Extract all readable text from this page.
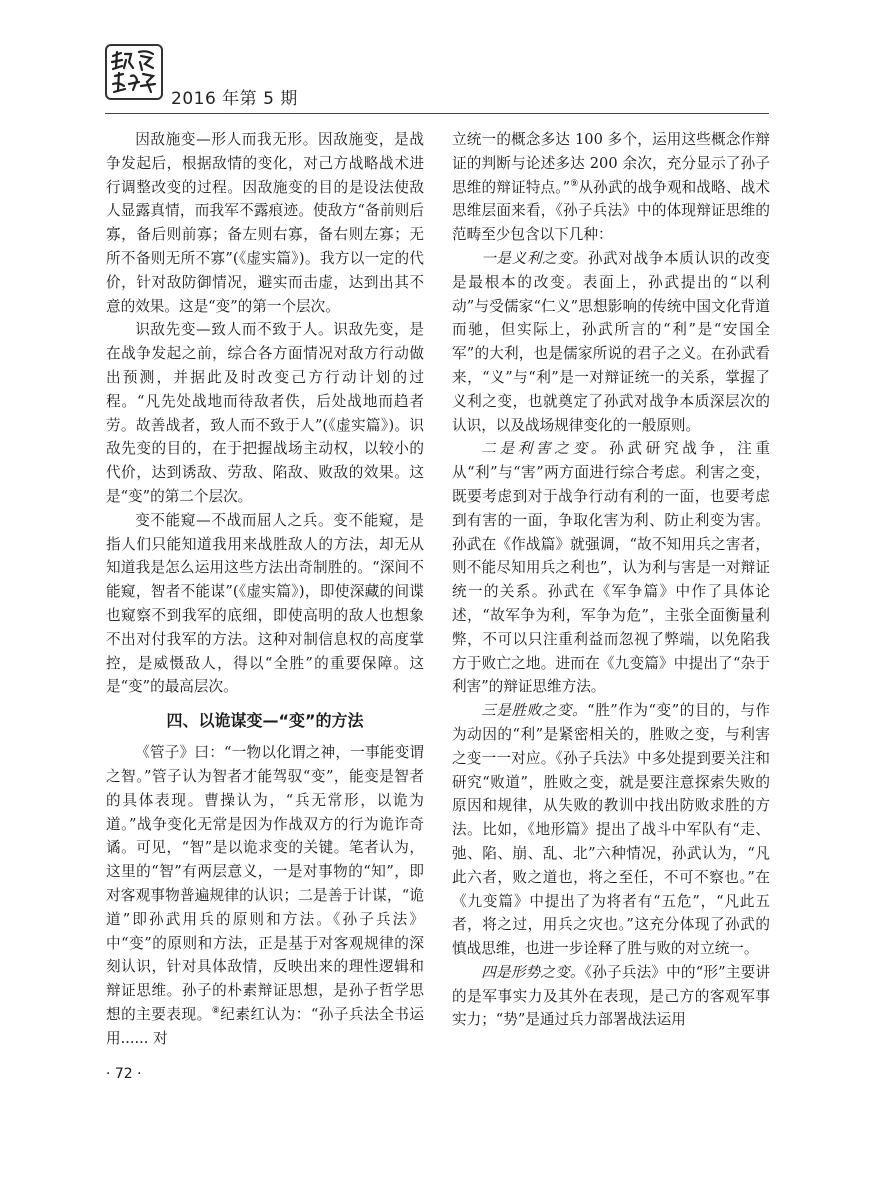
2016 年第 5 期

因敌施变—形人而我无形。因敌施变，是战争发起后，根据敌情的变化，对己方战略战术进行调整改变的过程。因敌施变的目的是设法使敌人显露真情，而我军不露痕迹。使敌方“备前则后寡，备后则前寡；备左则右寡，备右则左寡；无所不备则无所不寡”(《虚实篇》)。我方以一定的代价，针对敌防御情况，避实而击虚，达到出其不意的效果。这是“变”的第一个层次。

识敌先变—致人而不致于人。识敌先变，是在战争发起之前，综合各方面情况对敌方行动做出预测，并据此及时改变己方行动计划的过程。“凡先处战地而待敌者佚，后处战地而趋者劳。故善战者，致人而不致于人”(《虚实篇》)。识敌先变的目的，在于把握战场主动权，以较小的代价，达到诱敌、劳敌、陷敌、败敌的效果。这是“变”的第二个层次。

变不能窥—不战而屈人之兵。变不能窥，是指人们只能知道我用来战胜敌人的方法，却无从知道我是怎么运用这些方法出奇制胜的。“深间不能窥，智者不能谋”(《虚实篇》)，即使深藏的间谍也窥察不到我军的底细，即使高明的敌人也想象不出对付我军的方法。这种对制信息权的高度掌控，是威慑敌人，得以“全胜”的重要保障。这是“变”的最高层次。

四、以诡谋变—“变”的方法

《管子》曰：“一物以化谓之神，一事能变谓之智。”管子认为智者才能驾驭“变”，能变是智者的具体表现。曹操认为，“兵无常形，以诡为道。”战争变化无常是因为作战双方的行为诡诈奇谲。可见，“智”是以诡求变的关键。笔者认为，这里的“智”有两层意义，一是对事物的“知”，即对客观事物普遍规律的认识；二是善于计谋，“诡道”即孙武用兵的原则和方法。《孙子兵法》中“变”的原则和方法，正是基于对客观规律的深刻认识，针对具体敌情，反映出来的理性逻辑和辩证思维。孙子的朴素辩证思想，是孙子哲学思想的主要表现。⑧纪素红认为：“孙子兵法全书运用...... 对

立统一的概念多达 100 多个，运用这些概念作辩证的判断与论述多达 200 余次，充分显示了孙子思维的辩证特点。”⑨从孙武的战争观和战略、战术思维层面来看，《孙子兵法》中的体现辩证思维的范畴至少包含以下几种：

一是义利之变。孙武对战争本质认识的改变是最根本的改变。表面上，孙武提出的“以利动”与受儒家“仁义”思想影响的传统中国文化背道而驰，但实际上，孙武所言的“利”是“安国全军”的大利，也是儒家所说的君子之义。在孙武看来，“义”与“利”是一对辩证统一的关系，掌握了义利之变，也就奠定了孙武对战争本质深层次的认识，以及战场规律变化的一般原则。

二是利害之变。孙武研究战争，注重从“利”与“害”两方面进行综合考虑。利害之变，既要考虑到对于战争行动有利的一面，也要考虑到有害的一面，争取化害为利、防止利变为害。孙武在《作战篇》就强调，“故不知用兵之害者，则不能尽知用兵之利也”，认为利与害是一对辩证统一的关系。孙武在《军争篇》中作了具体论述，“故军争为利，军争为危”，主张全面衡量利弊，不可以只注重利益而忽视了弊端，以免陷我方于败亡之地。进而在《九变篇》中提出了“杂于利害”的辩证思维方法。

三是胜败之变。“胜”作为“变”的目的，与作为动因的“利”是紧密相关的，胜败之变，与利害之变一一对应。《孙子兵法》中多处提到要关注和研究“败道”，胜败之变，就是要注意探索失败的原因和规律，从失败的教训中找出防败求胜的方法。比如，《地形篇》提出了战斗中军队有“走、弛、陷、崩、乱、北”六种情况，孙武认为，“凡此六者，败之道也，将之至任，不可不察也。”在《九变篇》中提出了为将者有“五危”，“凡此五者，将之过，用兵之灾也。”这充分体现了孙武的慎战思维，也进一步诠释了胜与败的对立统一。

四是形势之变。《孙子兵法》中的“形”主要讲的是军事实力及其外在表现，是己方的客观军事实力；“势”是通过兵力部署战法运用

· 72 ·
